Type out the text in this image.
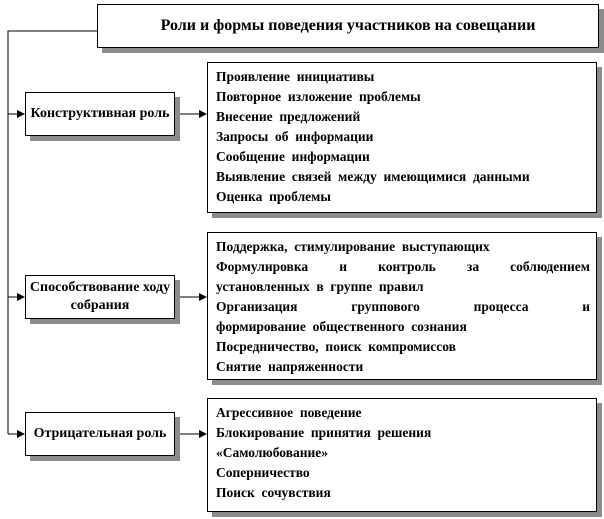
Роли и формы поведения участников на совещании
Конструктивная роль
Способствование ходу собрания
Отрицательная роль
Проявление  инициативы
Повторное  изложение  проблемы
Внесение  предложений
Запросы  об  информации
Сообщение  информации
Выявление  связей  между  имеющимися  данными
Оценка  проблемы
Поддержка,  стимулирование  выступающих
Формулировка и контроль за соблюдением
установленных  в  группе  правил
Организация	группового	процесса	и
формирование  общественного  сознания
Посредничество,  поиск  компромиссов
Снятие  напряженности
Агрессивное  поведение
Блокирование  принятия  решения
«Самолюбование»
Соперничество
Поиск  сочувствия
